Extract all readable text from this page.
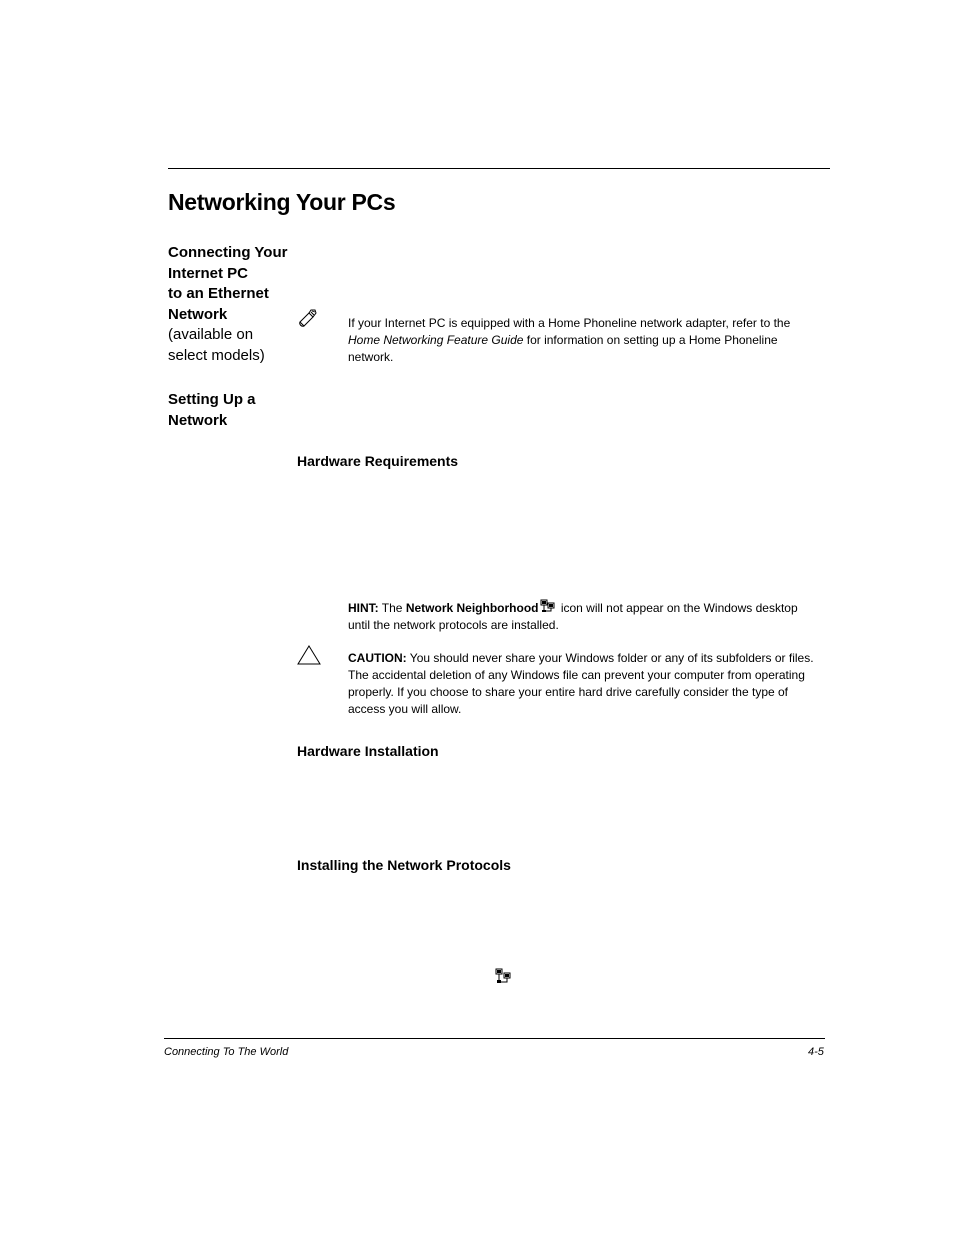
Networking Your PCs
Connecting Your
Internet PC
to an Ethernet
Network
(available on
select models)
If your Internet PC is equipped with a Home Phoneline network adapter, refer to the
Home Networking Feature Guide for information on setting up a Home Phoneline network.
Setting Up a
Network
Hardware Requirements
HINT: The Network Neighborhood icon will not appear on the Windows desktop until the network protocols are installed.
CAUTION: You should never share your Windows folder or any of its subfolders or files. The accidental deletion of any Windows file can prevent your computer from operating properly. If you choose to share your entire hard drive carefully consider the type of access you will allow.
Hardware Installation
Installing the Network Protocols
Connecting To The World	4-5
